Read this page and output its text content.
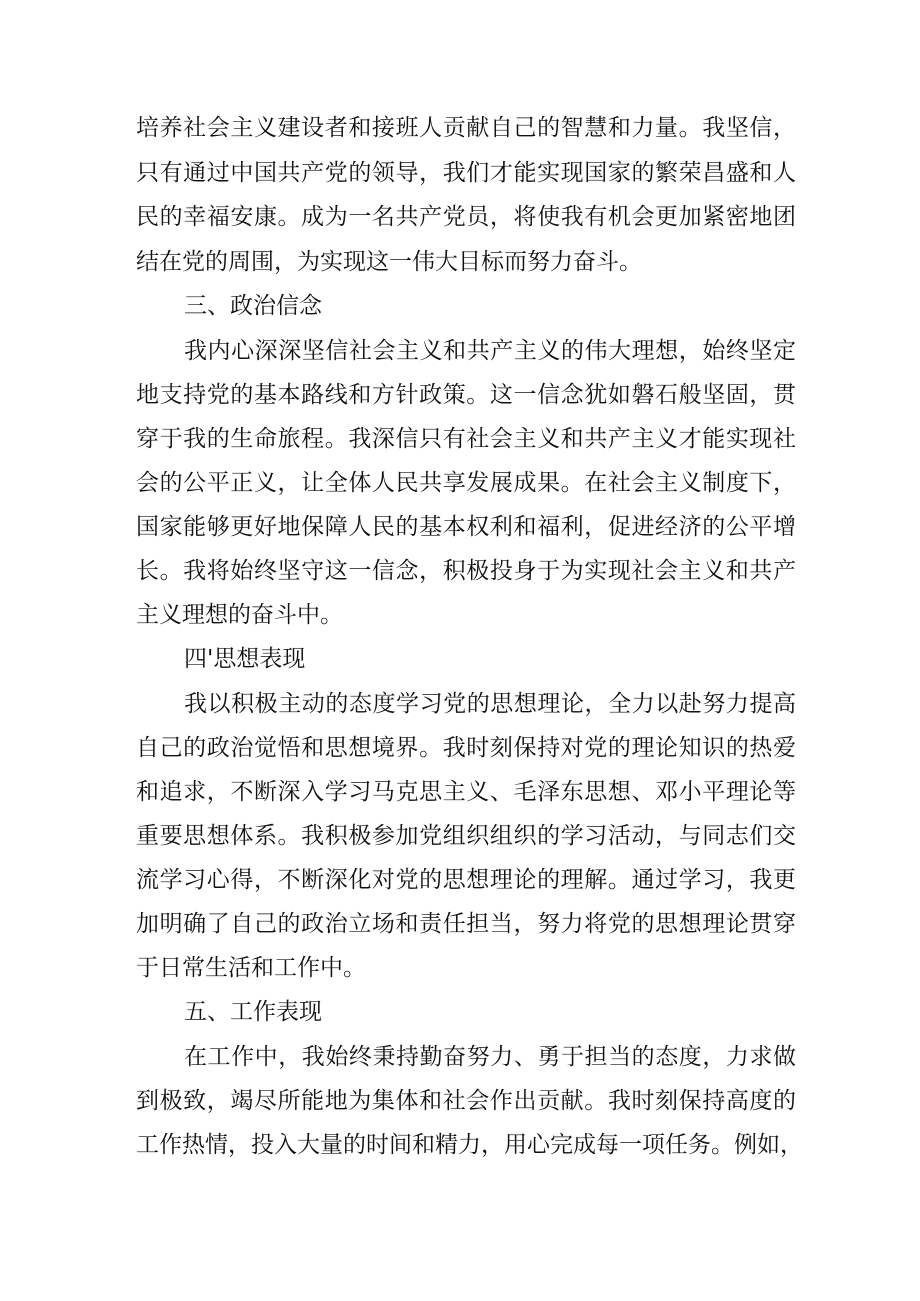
培养社会主义建设者和接班人贡献自己的智慧和力量。我坚信，
只有通过中国共产党的领导，我们才能实现国家的繁荣昌盛和人
民的幸福安康。成为一名共产党员，将使我有机会更加紧密地团
结在党的周围，为实现这一伟大目标而努力奋斗。
三、政治信念
我内心深深坚信社会主义和共产主义的伟大理想，始终坚定
地支持党的基本路线和方针政策。这一信念犹如磐石般坚固，贯
穿于我的生命旅程。我深信只有社会主义和共产主义才能实现社
会的公平正义，让全体人民共享发展成果。在社会主义制度下，
国家能够更好地保障人民的基本权利和福利，促进经济的公平增
长。我将始终坚守这一信念，积极投身于为实现社会主义和共产
主义理想的奋斗中。
四'思想表现
我以积极主动的态度学习党的思想理论，全力以赴努力提高
自己的政治觉悟和思想境界。我时刻保持对党的理论知识的热爱
和追求，不断深入学习马克思主义、毛泽东思想、邓小平理论等
重要思想体系。我积极参加党组织组织的学习活动，与同志们交
流学习心得，不断深化对党的思想理论的理解。通过学习，我更
加明确了自己的政治立场和责任担当，努力将党的思想理论贯穿
于日常生活和工作中。
五、工作表现
在工作中，我始终秉持勤奋努力、勇于担当的态度，力求做
到极致，竭尽所能地为集体和社会作出贡献。我时刻保持高度的
工作热情，投入大量的时间和精力，用心完成每一项任务。例如，
